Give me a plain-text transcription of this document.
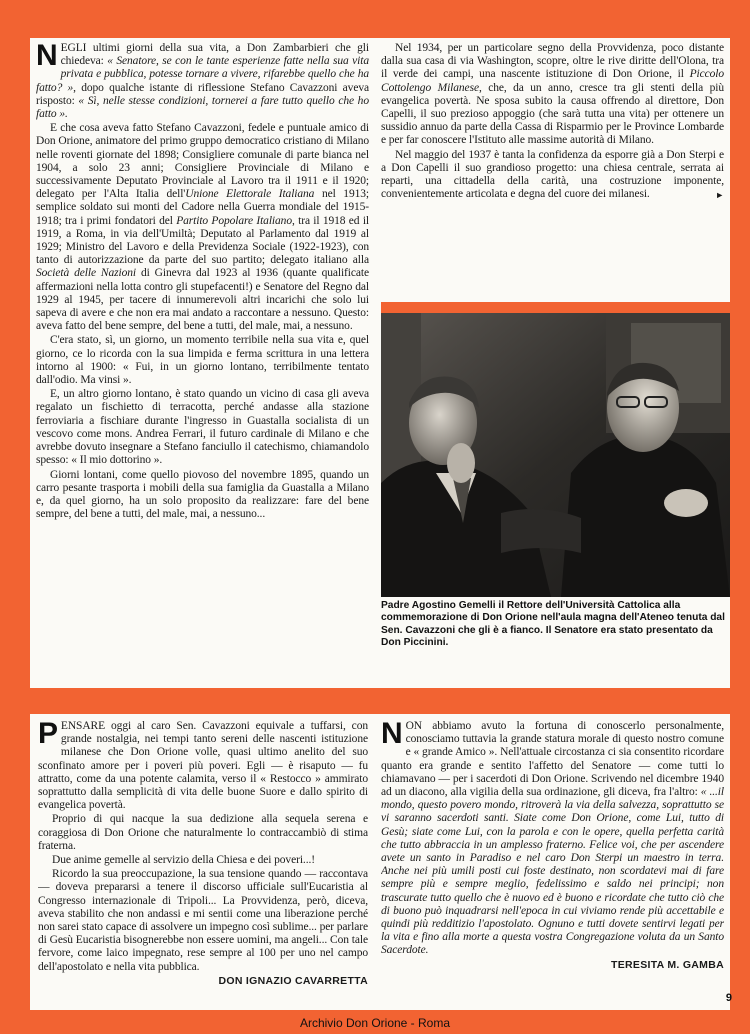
NEGLI ultimi giorni della sua vita, a Don Zambarbieri che gli chiedeva: « Senatore, se con le tante esperienze fatte nella sua vita privata e pubblica, potesse tornare a vivere, rifarebbe quello che ha fatto? », dopo qualche istante di riflessione Stefano Cavazzoni aveva risposto: « Sì, nelle stesse condizioni, tornerei a fare tutto quello che ho fatto ».

E che cosa aveva fatto Stefano Cavazzoni, fedele e puntuale amico di Don Orione, animatore del primo gruppo democratico cristiano di Milano nelle roventi giornate del 1898; Consigliere comunale di parte bianca nel 1904, a solo 23 anni; Consigliere Provinciale di Milano e successivamente Deputato Provinciale al Lavoro tra il 1911 e il 1920; delegato per l'Alta Italia dell'Unione Elettorale Italiana nel 1913; semplice soldato sui monti del Cadore nella Guerra mondiale del 1915-1918; tra i primi fondatori del Partito Popolare Italiano, tra il 1918 ed il 1919, a Roma, in via dell'Umiltà; Deputato al Parlamento dal 1919 al 1929; Ministro del Lavoro e della Previdenza Sociale (1922-1923), con tanto di autorizzazione da parte del suo partito; delegato italiano alla Società delle Nazioni di Ginevra dal 1923 al 1936 (quante qualificate affermazioni nella lotta contro gli stupefacenti!) e Senatore del Regno dal 1929 al 1945, per tacere di innumerevoli altri incarichi che solo lui sapeva di avere e che non era mai andato a raccontare a nessuno. Questo: aveva fatto del bene sempre, del bene a tutti, del male, mai, a nessuno.

C'era stato, sì, un giorno, un momento terribile nella sua vita e, quel giorno, ce lo ricorda con la sua limpida e ferma scrittura in una lettera intorno al 1900: « Fui, in un giorno lontano, terribilmente tentato dall'odio. Ma vinsi ».

E, un altro giorno lontano, è stato quando un vicino di casa gli aveva regalato un fischietto di terracotta, perché andasse alla stazione ferroviaria a fischiare durante l'ingresso in Guastalla socialista di un vescovo come mons. Andrea Ferrari, il futuro cardinale di Milano e che avrebbe dovuto insegnare a Stefano fanciullo il catechismo, chiamandolo spesso: « Il mio dottorino ».

Giorni lontani, come quello piovoso del novembre 1895, quando un carro pesante trasporta i mobili della sua famiglia da Guastalla a Milano e, da quel giorno, ha un solo proposito da realizzare: fare del bene sempre, del bene a tutti, del male, mai, a nessuno...

Nel 1934, per un particolare segno della Provvidenza, poco distante dalla sua casa di via Washington, scopre, oltre le rive diritte dell'Olona, tra il verde dei campi, una nascente istituzione di Don Orione, il Piccolo Cottolengo Milanese, che, da un anno, cresce tra gli stenti della più evangelica povertà. Ne sposa subito la causa offrendo al direttore, Don Capelli, il suo prezioso appoggio (che sarà tutta una vita) per ottenere un sussidio annuo da parte della Cassa di Risparmio per le Province Lombarde e per far conoscere l'Istituto alle massime autorità di Milano.

Nel maggio del 1937 è tanta la confidenza da esporre già a Don Sterpi e a Don Capelli il suo grandioso progetto: una chiesa centrale, serrata ai reparti, una cittadella della carità, una costruzione imponente, convenientemente articolata e degna del cuore dei milanesi.	►

Padre Agostino Gemelli il Rettore dell'Università Cattolica alla commemorazione di Don Orione nell'aula magna dell'Ateneo tenuta dal Sen. Cavazzoni che gli è a fianco. Il Senatore era stato presentato da Don Piccinini.

PENSARE oggi al caro Sen. Cavazzoni equivale a tuffarsi, con grande nostalgia, nei tempi tanto sereni delle nascenti istituzione milanese che Don Orione volle, quasi ultimo anelito del suo sconfinato amore per i poveri più poveri. Egli — è risaputo — fu attratto, come da una potente calamita, verso il « Restocco » ammirato soprattutto dalla semplicità di vita delle buone Suore e dallo spirito di evangelica povertà.

Proprio di qui nacque la sua dedizione alla sequela serena e coraggiosa di Don Orione che naturalmente lo contraccambiò di stima fraterna.

Due anime gemelle al servizio della Chiesa e dei poveri...!

Ricordo la sua preoccupazione, la sua tensione quando — raccontava — doveva prepararsi a tenere il discorso ufficiale sull'Eucaristia al Congresso internazionale di Tripoli... La Provvidenza, però, diceva, aveva stabilito che non andassi e mi sentii come una liberazione perché non sarei stato capace di assolvere un impegno così sublime... per parlare di Gesù Eucaristia bisognerebbe non essere uomini, ma angeli... Con tale fervore, come laico impegnato, rese sempre al 100 per uno nel campo dell'apostolato e nella vita pubblica.

DON IGNAZIO CAVARRETTA

NON abbiamo avuto la fortuna di conoscerlo personalmente, conosciamo tuttavia la grande statura morale di questo nostro comune e « grande Amico ». Nell'attuale circostanza ci sia consentito ricordare quanto era grande e sentito l'affetto del Senatore — come tutti lo chiamavano — per i sacerdoti di Don Orione. Scrivendo nel dicembre 1940 ad un diacono, alla vigilia della sua ordinazione, gli diceva, fra l'altro: « ...il mondo, questo povero mondo, ritroverà la via della salvezza, soprattutto se vi saranno sacerdoti santi. Siate come Don Orione, come Lui, tutto di Gesù; siate come Lui, con la parola e con le opere, quella perfetta carità che tutto abbraccia in un amplesso fraterno. Felice voi, che per ascendere avete un santo in Paradiso e nel caro Don Sterpi un maestro in terra. Anche nei più umili posti cui foste destinato, non scordatevi mai di fare sempre più e sempre meglio, fedelissimo e saldo nei principi; non trascurate tutto quello che è nuovo ed è buono e ricordate che tutto ciò che di buono può inquadrarsi nell'epoca in cui viviamo rende più accettabile e quindi più redditizio l'apostolato. Ognuno e tutti dovete sentirvi legati per la vita e fino alla morte a questa vostra Congregazione voluta da un Santo Sacerdote.

TERESITA M. GAMBA
9
Archivio Don Orione - Roma
